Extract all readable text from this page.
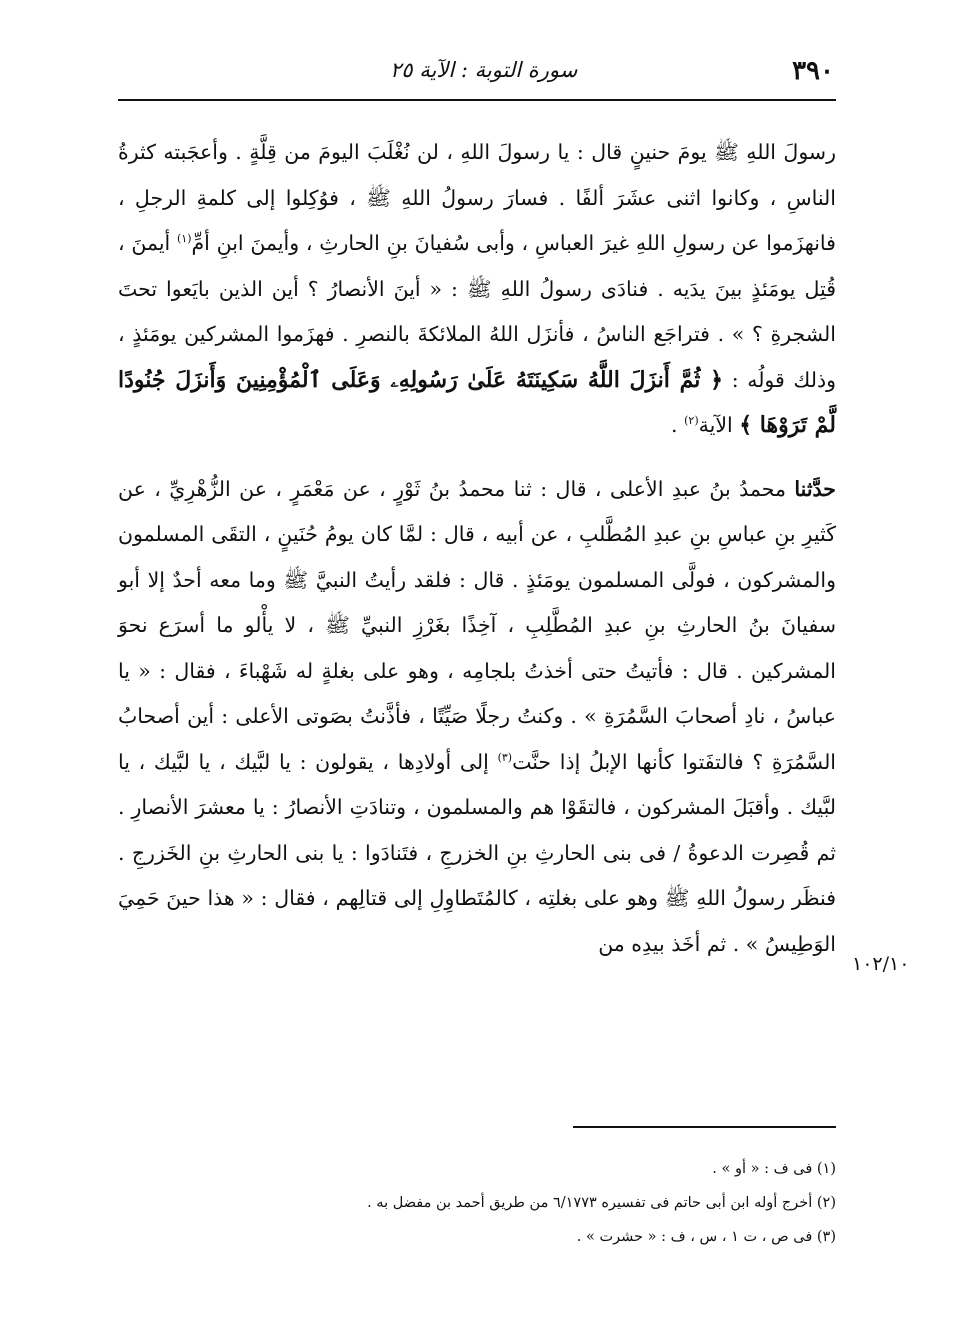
٣٩٠
سورة التوبة : الآية ٢٥
١٠٢/١٠

رسولَ اللهِ ﷺ يومَ حنينٍ قال : يا رسولَ اللهِ ، لن نُغْلَبَ اليومَ من قِلَّةٍ . وأعجَبته كثرةُ الناسِ ، وكانوا اثنى عشَرَ ألفًا . فسارَ رسولُ اللهِ ﷺ ، فوُكِلوا إلى كلمةِ الرجلِ ، فانهزَموا عن رسولِ اللهِ غيرَ العباسِ ، وأبى سُفيانَ بنِ الحارثِ ، وأيمنَ ابنِ أمِّ$^{(١)}$ أيمنَ ، قُتِل يومَئذٍ بينَ يدَيه . فنادَى رسولُ اللهِ ﷺ : « أينَ الأنصارُ ؟ أين الذين بايَعوا تحتَ الشجرةِ ؟ » . فتراجَع الناسُ ، فأنزَل اللهُ الملائكةَ بالنصرِ . فهزَموا المشركين يومَئذٍ ، وذلك قولُه : ﴿ ثُمَّ أَنزَلَ اللَّهُ سَكِينَتَهُ عَلَىٰ رَسُولِهِۦ وَعَلَى ٱلْمُؤْمِنِينَ وَأَنزَلَ جُنُودًا لَّمْ تَرَوْهَا ﴾ الآية$^{(٢)}$ .

حدَّثنا محمدُ بنُ عبدِ الأعلى ، قال : ثنا محمدُ بنُ ثَوْرٍ ، عن مَعْمَرٍ ، عن الزُّهْرِيِّ ، عن كَثيرِ بنِ عباسِ بنِ عبدِ المُطَّلبِ ، عن أبيه ، قال : لمَّا كان يومُ حُنَينٍ ، التقَى المسلمون والمشركون ، فولَّى المسلمون يومَئذٍ . قال : فلقد رأيتُ النبيَّ ﷺ وما معه أحدٌ إلا أبو سفيانَ بنُ الحارثِ بنِ عبدِ المُطَّلِبِ ، آخِذًا بغَرْزِ النبيِّ ﷺ ، لا يأْلو ما أسرَع نحوَ المشركين . قال : فأتيتُ حتى أخذتُ بلجامِه ، وهو على بغلةٍ له شَهْباءَ ، فقال : « يا عباسُ ، نادِ أصحابَ السَّمُرَةِ » . وكنتُ رجلًا صَيِّتًا ، فأذَّنتُ بصَوتى الأعلى : أين أصحابُ السَّمُرَةِ ؟ فالتفَتوا كأنها الإبلُ إذا حنَّت$^{(٣)}$ إلى أولادِها ، يقولون : يا لبَّيك ، يا لبَّيك ، يا لبَّيك . وأقبَلَ المشركون ، فالتقَوْا هم والمسلمون ، وتنادَتِ الأنصارُ : يا معشرَ الأنصارِ . ثم قُصِرت الدعوةُ / فى بنى الحارثِ بنِ الخزرجِ ، فتَنادَوا : يا بنى الحارثِ بنِ الخَزرجِ . فنظَر رسولُ اللهِ ﷺ وهو على بغلتِه ، كالمُتَطاوِلِ إلى قتالِهم ، فقال : « هذا حينَ حَمِيَ الوَطِيسُ » . ثم أخَذ بيدِه من

(١) فى ف : « أو » .
(٢) أخرج أوله ابن أبى حاتم فى تفسيره ٦/١٧٧٣ من طريق أحمد بن مفضل به .
(٣) فى ص ، ت ١ ، س ، ف : « حشرت » .
